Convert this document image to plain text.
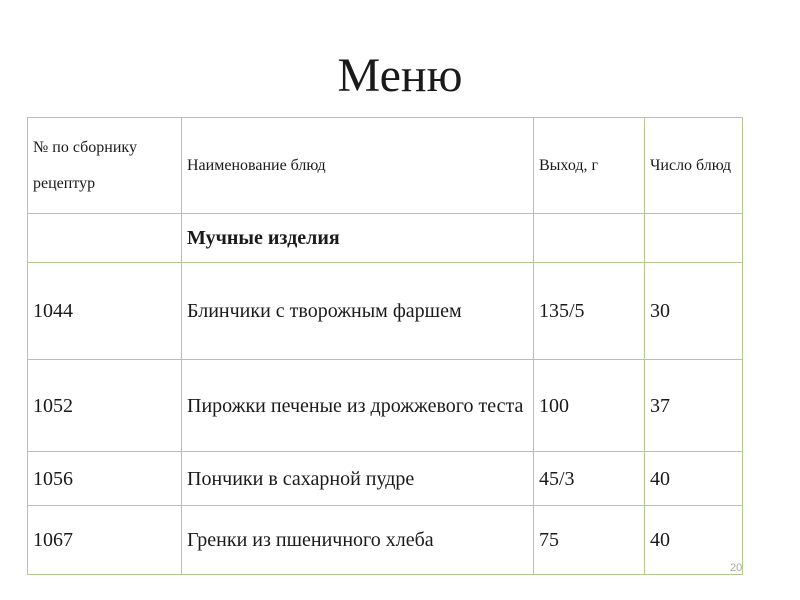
Меню
№ по сборнику рецептур	Наименование блюд	Выход, г	Число блюд

	Мучные изделия		
1044	Блинчики с творожным фаршем	135/5	30
1052	Пирожки печеные из дрожжевого теста	100	37
1056	Пончики в сахарной пудре	45/3	40
1067	Гренки из пшеничного хлеба	75	40
20
